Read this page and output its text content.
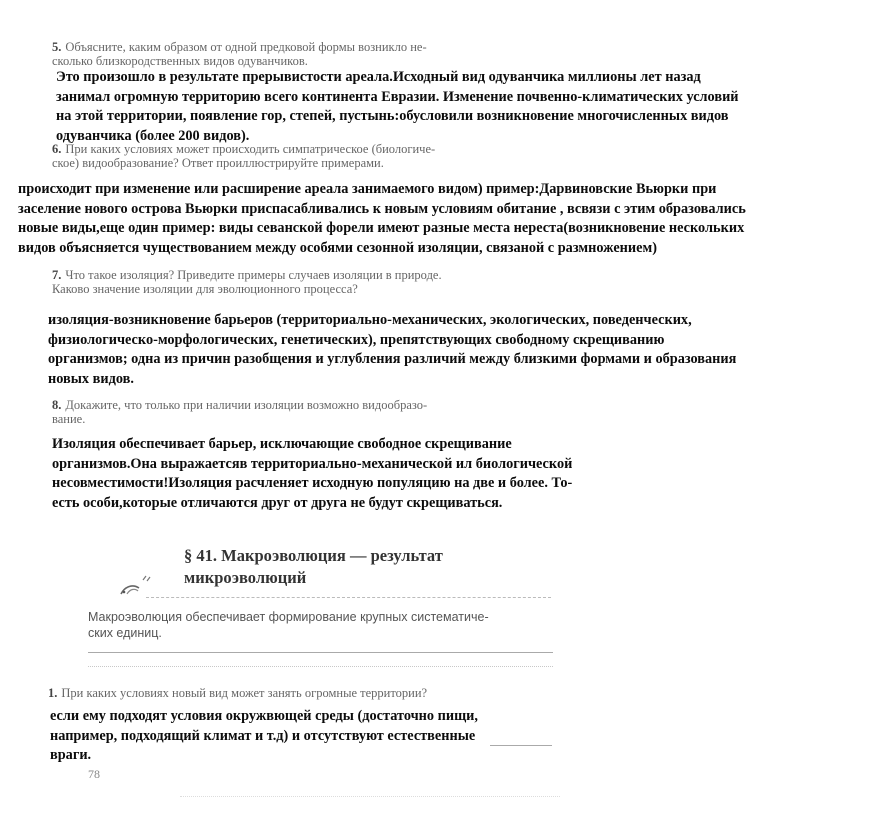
5. Объясните, каким образом от одной предковой формы возникло не-
сколько близкородственных видов одуванчиков.
Это произошло в результате прерывистости ареала.Исходный вид одуванчика миллионы лет назад
занимал огромную территорию всего континента Евразии. Изменение почвенно-климатических условий
на этой территории, появление гор, степей, пустынь:обусловили возникновение многочисленных видов
одуванчика (более 200 видов).
6. При каких условиях может происходить симпатрическое (биологиче-
ское) видообразование? Ответ проиллюстрируйте примерами.
происходит при изменение или расширение ареала занимаемого видом) пример:Дарвиновские Вьюрки при
заселение нового острова Вьюрки приспасабливались к новым условиям обитание , всвязи с этим образовались
новые виды,еще один пример: виды севанской форели имеют разные места нереста(возникновение нескольких
видов объясняется чуществованием между особями сезонной изоляции, связаной с размножением)
7. Что такое изоляция? Приведите примеры случаев изоляции в природе.
Каково значение изоляции для эволюционного процесса?
изоляция-возникновение барьеров (территориально-механических, экологических, поведенческих,
физиологическо-морфологических, генетических), препятствующих свободному скрещиванию
организмов; одна из причин разобщения и углубления различий между близкими формами и образования
новых видов.
8. Докажите, что только при наличии изоляции возможно видообразо-
вание.
Изоляция обеспечивает барьер, исключающие свободное скрещивание
организмов.Она выражаетсяв территориально-механической ил биологической
несовместимости!Изоляция расчленяет исходную популяцию на две и более. То-
есть особи,которые отличаются друг от друга не будут скрещиваться.
§ 41. Макроэволюция — результат
микроэволюций
Макроэволюция обеспечивает формирование крупных систематиче-
ских единиц.
1. При каких условиях новый вид может занять огромные территории?
если ему подходят условия окружвющей среды (достаточно пищи,
например, подходящий климат и т.д) и отсутствуют естественные
враги.
78
